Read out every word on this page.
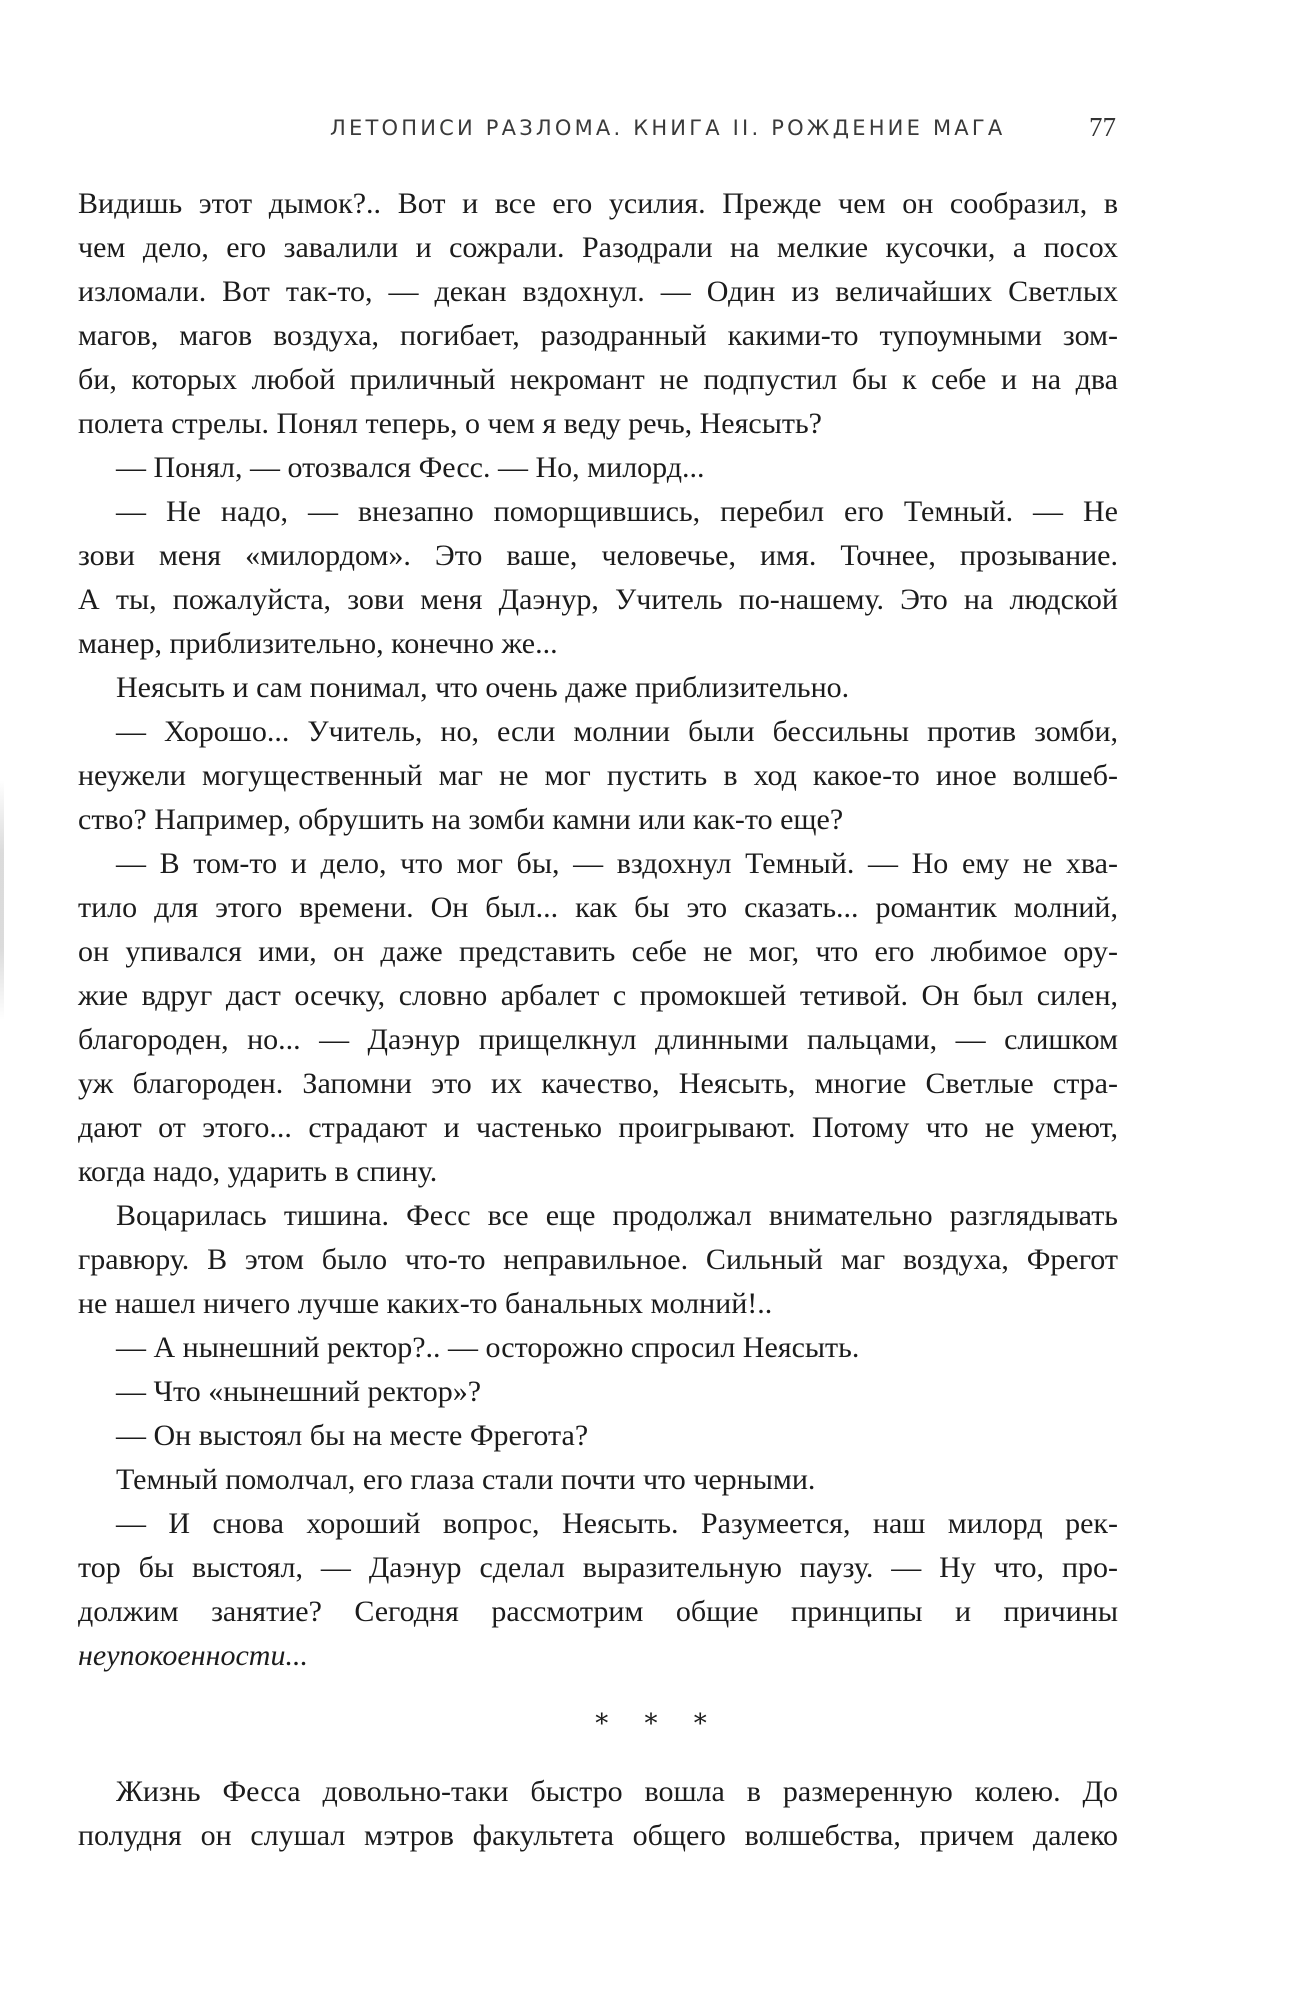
ЛЕТОПИСИ РАЗЛОМА. КНИГА II. РОЖДЕНИЕ МАГА	77
Видишь этот дымок?.. Вот и все его усилия. Прежде чем он сообразил, в
чем дело, его завалили и сожрали. Разодрали на мелкие кусочки, а посох
изломали. Вот так-то, — декан вздохнул. — Один из величайших Светлых
магов, магов воздуха, погибает, разодранный какими-то тупоумными зом-
би, которых любой приличный некромант не подпустил бы к себе и на два
полета стрелы. Понял теперь, о чем я веду речь, Неясыть?
— Понял, — отозвался Фесс. — Но, милорд...
— Не надо, — внезапно поморщившись, перебил его Темный. — Не
зови меня «милордом». Это ваше, человечье, имя. Точнее, прозывание.
А ты, пожалуйста, зови меня Даэнур, Учитель по-нашему. Это на людской
манер, приблизительно, конечно же...
Неясыть и сам понимал, что очень даже приблизительно.
— Хорошо... Учитель, но, если молнии были бессильны против зомби,
неужели могущественный маг не мог пустить в ход какое-то иное волшеб-
ство? Например, обрушить на зомби камни или как-то еще?
— В том-то и дело, что мог бы, — вздохнул Темный. — Но ему не хва-
тило для этого времени. Он был... как бы это сказать... романтик молний,
он упивался ими, он даже представить себе не мог, что его любимое ору-
жие вдруг даст осечку, словно арбалет с промокшей тетивой. Он был силен,
благороден, но... — Даэнур прищелкнул длинными пальцами, — слишком
уж благороден. Запомни это их качество, Неясыть, многие Светлые стра-
дают от этого... страдают и частенько проигрывают. Потому что не умеют,
когда надо, ударить в спину.
Воцарилась тишина. Фесс все еще продолжал внимательно разглядывать
гравюру. В этом было что-то неправильное. Сильный маг воздуха, Фрегот
не нашел ничего лучше каких-то банальных молний!..
— А нынешний ректор?.. — осторожно спросил Неясыть.
— Что «нынешний ректор»?
— Он выстоял бы на месте Фрегота?
Темный помолчал, его глаза стали почти что черными.
— И снова хороший вопрос, Неясыть. Разумеется, наш милорд рек-
тор бы выстоял, — Даэнур сделал выразительную паузу. — Ну что, про-
должим занятие? Сегодня рассмотрим общие принципы и причины
неупокоенности...
* * *
Жизнь Фесса довольно-таки быстро вошла в размеренную колею. До
полудня он слушал мэтров факультета общего волшебства, причем далеко
